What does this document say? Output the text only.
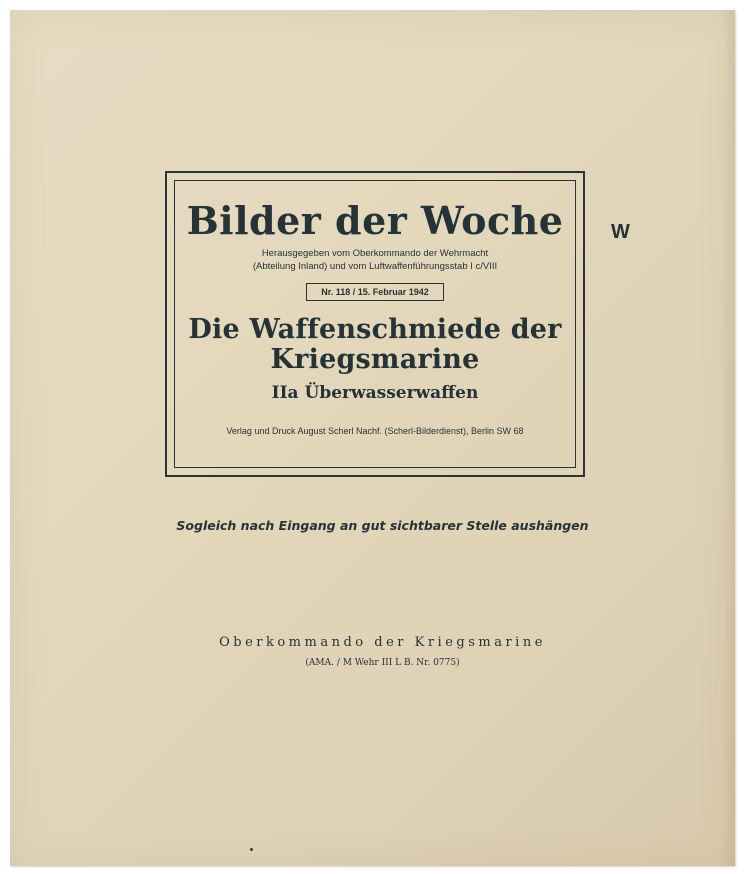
Bilder der Woche
Herausgegeben vom Oberkommando der Wehrmacht
(Abteilung Inland) und vom Luftwaffenführungsstab I c/VIII
Nr. 118 / 15. Februar 1942
Die Waffenschmiede der Kriegsmarine
IIa Überwasserwaffen
Verlag und Druck August Scherl Nachf. (Scherl-Bilderdienst), Berlin SW 68
W
Sogleich nach Eingang an gut sichtbarer Stelle aushängen
Oberkommando der Kriegsmarine
(AMA. / M Wehr III L B. Nr. 0775)
